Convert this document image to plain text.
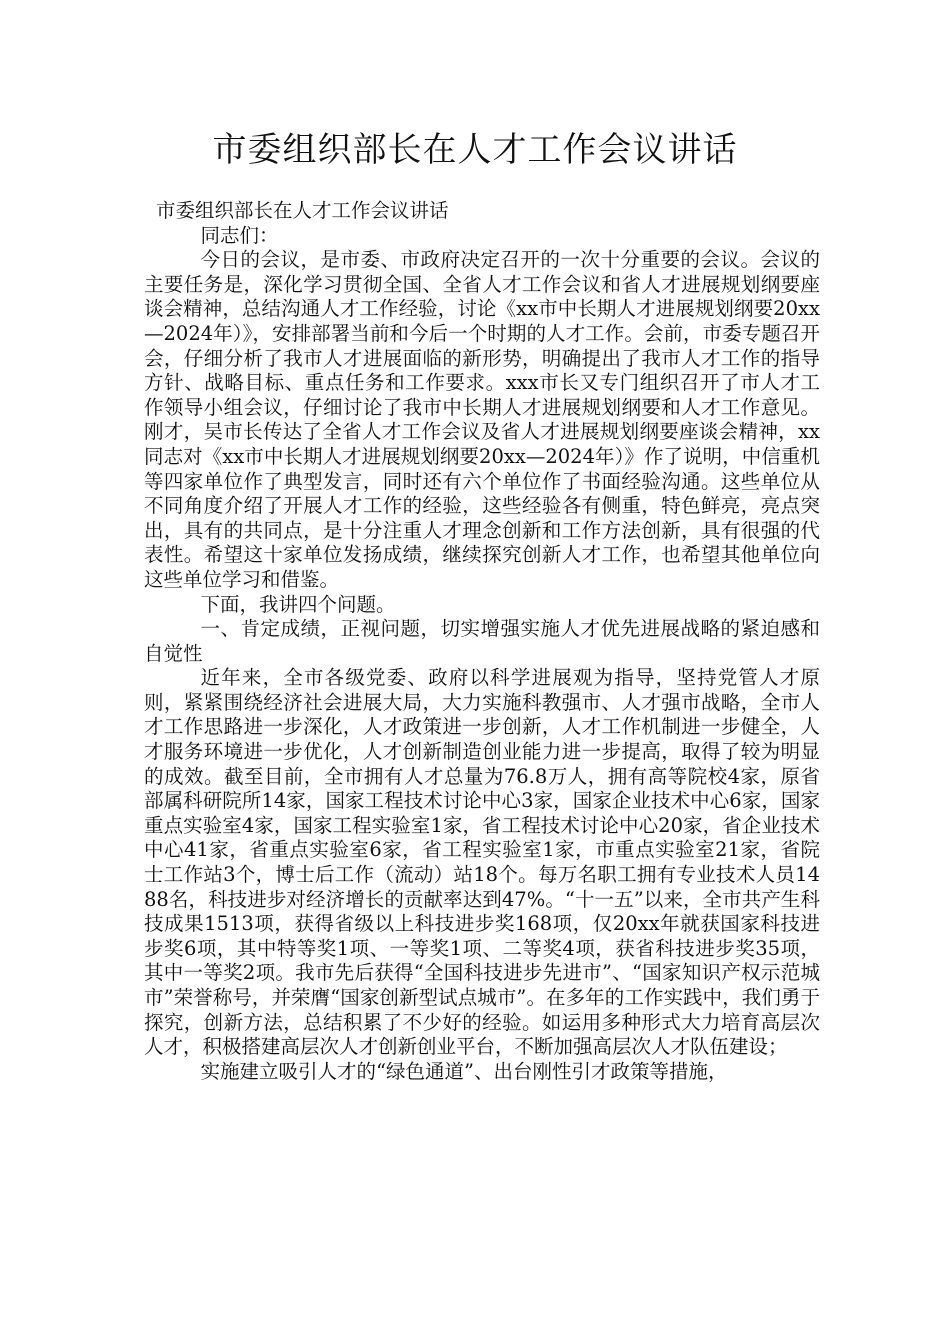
市委组织部长在人才工作会议讲话

市委组织部长在人才工作会议讲话

同志们：

今日的会议，是市委、市政府决定召开的一次十分重要的会议。会议的主要任务是，深化学习贯彻全国、全省人才工作会议和省人才进展规划纲要座谈会精神，总结沟通人才工作经验，讨论《xx市中长期人才进展规划纲要20xx—2024年）》，安排部署当前和今后一个时期的人才工作。会前，市委专题召开会，仔细分析了我市人才进展面临的新形势，明确提出了我市人才工作的指导方针、战略目标、重点任务和工作要求。xxx市长又专门组织召开了市人才工作领导小组会议，仔细讨论了我市中长期人才进展规划纲要和人才工作意见。刚才，吴市长传达了全省人才工作会议及省人才进展规划纲要座谈会精神，xx同志对《xx市中长期人才进展规划纲要20xx—2024年）》作了说明，中信重机等四家单位作了典型发言，同时还有六个单位作了书面经验沟通。这些单位从不同角度介绍了开展人才工作的经验，这些经验各有侧重，特色鲜亮，亮点突出，具有的共同点，是十分注重人才理念创新和工作方法创新，具有很强的代表性。希望这十家单位发扬成绩，继续探究创新人才工作，也希望其他单位向这些单位学习和借鉴。

下面，我讲四个问题。

一、肯定成绩，正视问题，切实增强实施人才优先进展战略的紧迫感和自觉性

近年来，全市各级党委、政府以科学进展观为指导，坚持党管人才原则，紧紧围绕经济社会进展大局，大力实施科教强市、人才强市战略，全市人才工作思路进一步深化，人才政策进一步创新，人才工作机制进一步健全，人才服务环境进一步优化，人才创新制造创业能力进一步提高，取得了较为明显的成效。截至目前，全市拥有人才总量为76.8万人，拥有高等院校4家，原省部属科研院所14家，国家工程技术讨论中心3家，国家企业技术中心6家，国家重点实验室4家，国家工程实验室1家，省工程技术讨论中心20家，省企业技术中心41家，省重点实验室6家，省工程实验室1家，市重点实验室21家，省院士工作站3个，博士后工作（流动）站18个。每万名职工拥有专业技术人员1488名，科技进步对经济增长的贡献率达到47%。“十一五”以来，全市共产生科技成果1513项，获得省级以上科技进步奖168项，仅20xx年就获国家科技进步奖6项，其中特等奖1项、一等奖1项、二等奖4项，获省科技进步奖35项，其中一等奖2项。我市先后获得“全国科技进步先进市”、“国家知识产权示范城市”荣誉称号，并荣膺“国家创新型试点城市”。在多年的工作实践中，我们勇于探究，创新方法，总结积累了不少好的经验。如运用多种形式大力培育高层次人才，积极搭建高层次人才创新创业平台，不断加强高层次人才队伍建设；

实施建立吸引人才的“绿色通道”、出台刚性引才政策等措施，
